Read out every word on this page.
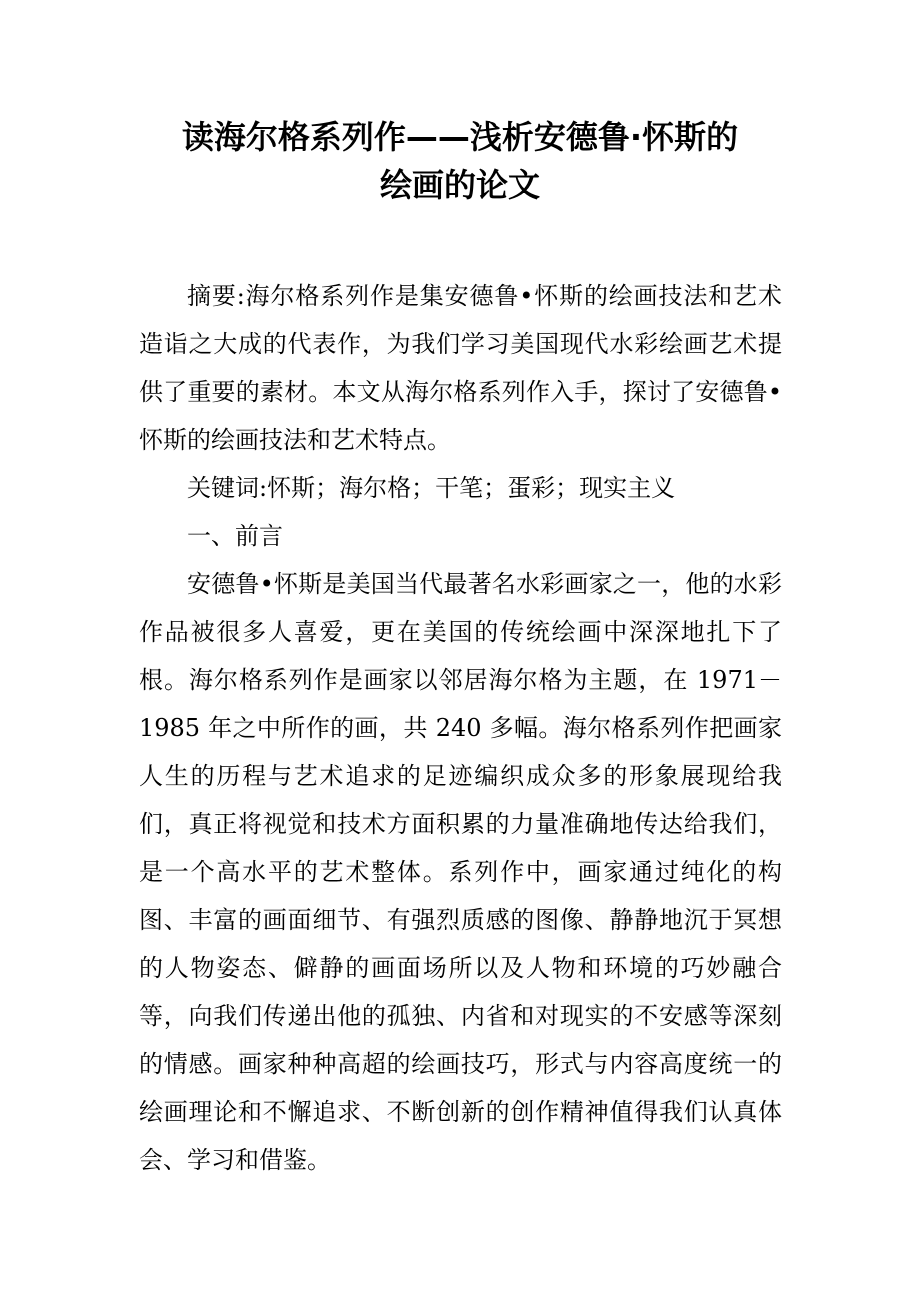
读海尔格系列作——浅析安德鲁·怀斯的
绘画的论文

摘要:海尔格系列作是集安德鲁•怀斯的绘画技法和艺术造诣之大成的代表作，为我们学习美国现代水彩绘画艺术提供了重要的素材。本文从海尔格系列作入手，探讨了安德鲁•怀斯的绘画技法和艺术特点。

关键词:怀斯；海尔格；干笔；蛋彩；现实主义

一、前言

安德鲁•怀斯是美国当代最著名水彩画家之一，他的水彩作品被很多人喜爱，更在美国的传统绘画中深深地扎下了根。海尔格系列作是画家以邻居海尔格为主题，在 1971－1985 年之中所作的画，共 240 多幅。海尔格系列作把画家人生的历程与艺术追求的足迹编织成众多的形象展现给我们，真正将视觉和技术方面积累的力量准确地传达给我们，是一个高水平的艺术整体。系列作中，画家通过纯化的构图、丰富的画面细节、有强烈质感的图像、静静地沉于冥想的人物姿态、僻静的画面场所以及人物和环境的巧妙融合等，向我们传递出他的孤独、内省和对现实的不安感等深刻的情感。画家种种高超的绘画技巧，形式与内容高度统一的绘画理论和不懈追求、不断创新的创作精神值得我们认真体会、学习和借鉴。
